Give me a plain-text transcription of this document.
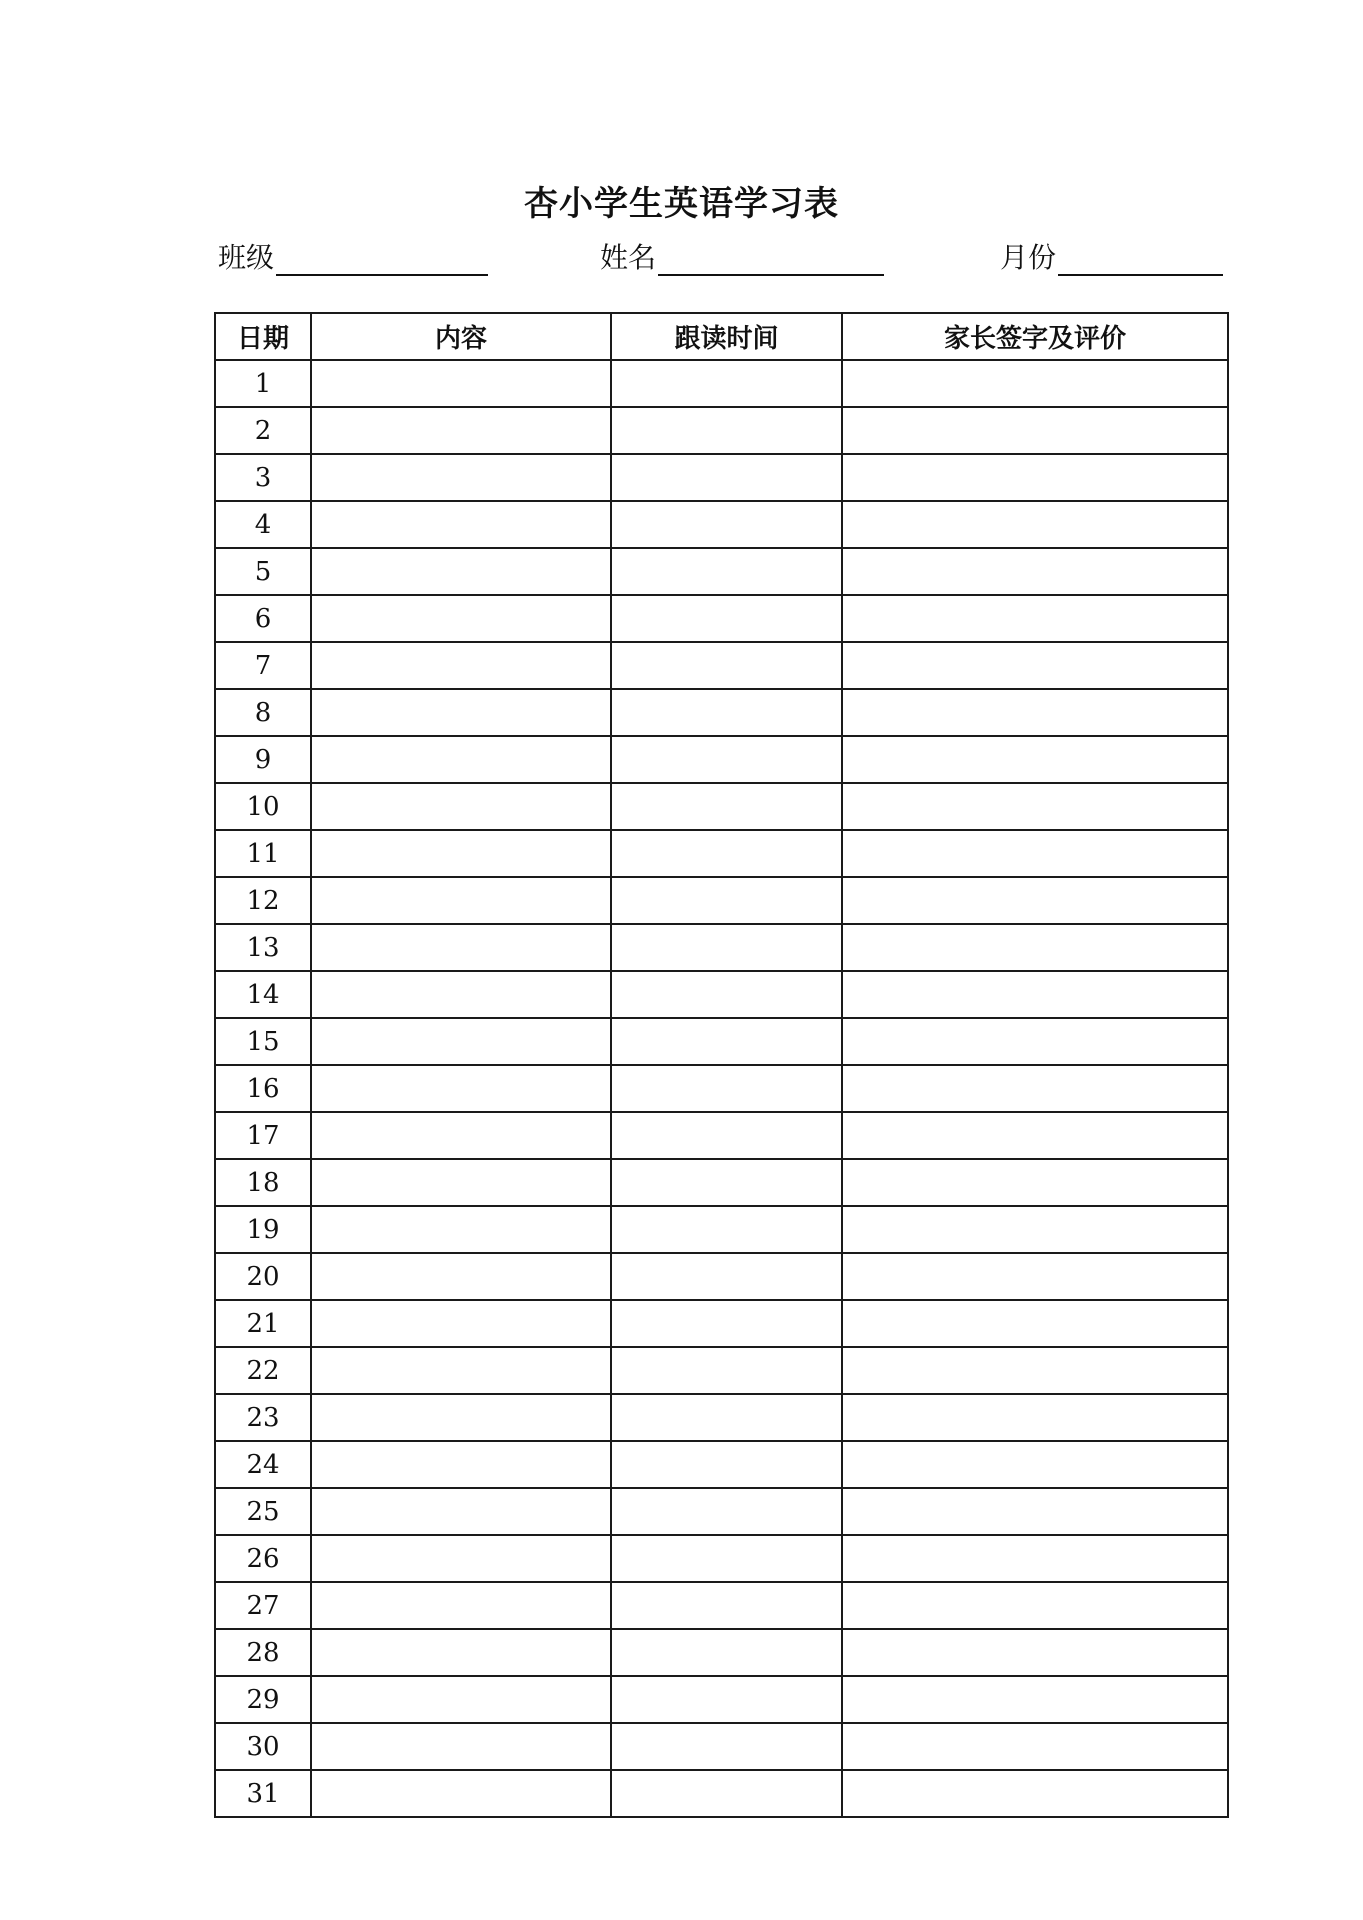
杏小学生英语学习表
班级	姓名	月份
日期	内容	跟读时间	家长签字及评价
1			
2			
3			
4			
5			
6			
7			
8			
9			
10			
11			
12			
13			
14			
15			
16			
17			
18			
19			
20			
21			
22			
23			
24			
25			
26			
27			
28			
29			
30			
31			
